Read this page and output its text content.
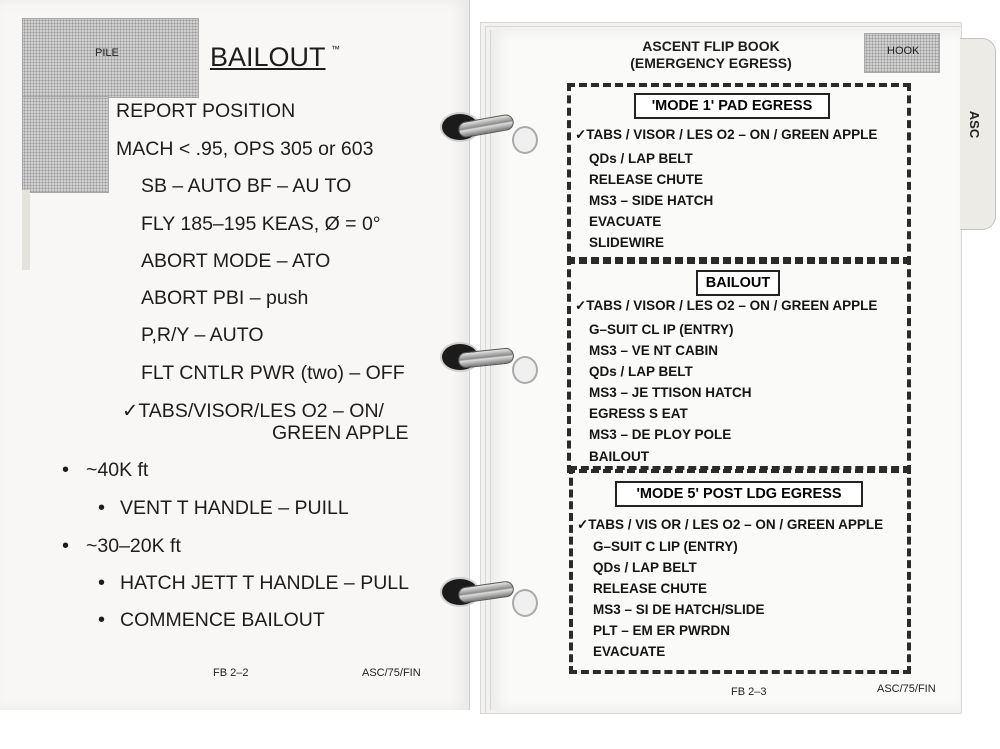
ASC
PILE	BAILOUT ™
REPORT POSITION
MACH < .95, OPS 305 or 603
SB – AUTO BF – AU TO
FLY 185–195 KEAS, Ø = 0°
ABORT MODE – ATO
ABORT PBI – push
P,R/Y – AUTO
FLT CNTLR PWR (two) – OFF
✓TABS/VISOR/LES O2 – ON/
GREEN APPLE
• ~40K ft
• VENT T HANDLE – PUILL
• ~30–20K ft
• HATCH JETT T HANDLE – PULL
• COMMENCE BAILOUT
FB 2–2	ASC/75/FIN
ASCENT FLIP BOOK
(EMERGENCY EGRESS)
HOOK
'MODE 1' PAD EGRESS
✓TABS / VISOR / LES O2 – ON / GREEN APPLE
QDs / LAP BELT
RELEASE CHUTE
MS3 – SIDE HATCH
EVACUATE
SLIDEWIRE
BAILOUT
✓TABS / VISOR / LES O2 – ON / GREEN APPLE
G–SUIT CL IP (ENTRY)
MS3 – VE NT CABIN
QDs / LAP BELT
MS3 – JE TTISON HATCH
EGRESS S EAT
MS3 – DE PLOY POLE
BAILOUT
'MODE 5' POST LDG EGRESS
✓TABS / VIS OR / LES O2 – ON / GREEN APPLE
G–SUIT C LIP (ENTRY)
QDs / LAP BELT
RELEASE CHUTE
MS3 – SI DE HATCH/SLIDE
PLT – EM ER PWRDN
EVACUATE
FB 2–3	ASC/75/FIN
